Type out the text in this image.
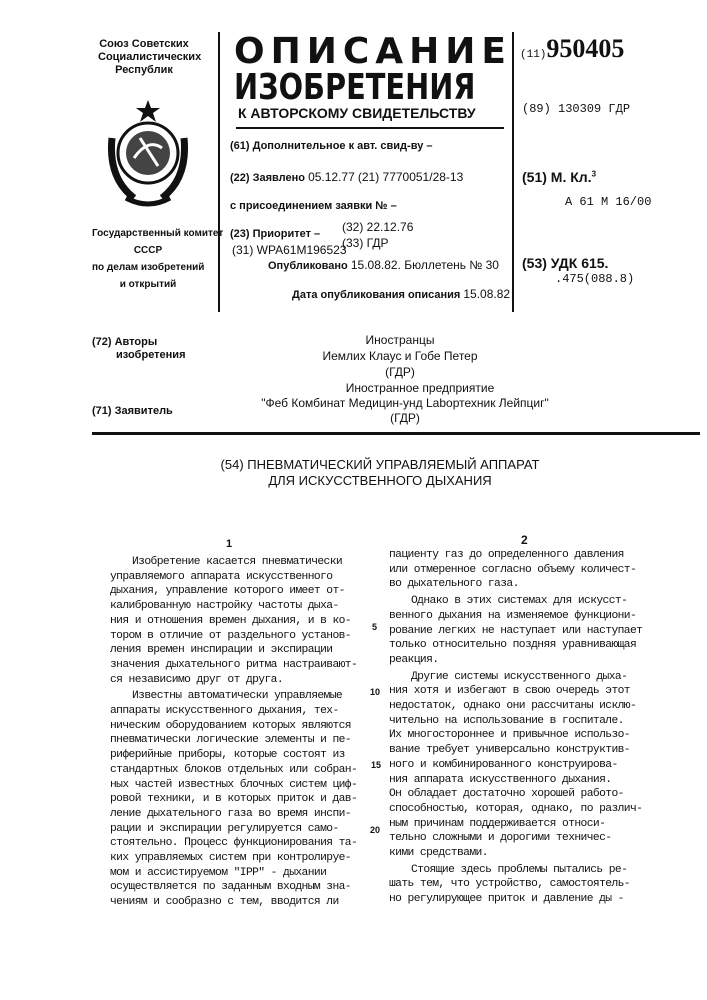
Союз Советских
Социалистических
Республик
Государственный комитет
СССР
по делам изобретений
и открытий
ОПИСАНИЕ
ИЗОБРЕТЕНИЯ
К АВТОРСКОМУ СВИДЕТЕЛЬСТВУ
(61) Дополнительное к авт. свид-ву –
(22) Заявлено 05.12.77 (21) 7770051/28-13
с присоединением заявки № –
(32) 22.12.76
(23) Приоритет –
(31) WPA61M196523
(33) ГДР
Опубликовано 15.08.82. Бюллетень № 30
Дата опубликования описания 15.08.82
(11)950405
(89) 130309 ГДР
(51) М. Кл.3
А 61 М 16/00
(53) УДК 615.
.475(088.8)
(72) Авторы
изобретения
Иностранцы
Иемлих Клаус и Гобе Петер
(ГДР)
(71) Заявитель
Иностранное предприятие
"Феб Комбинат Медицин-унд Labортехник Лейпциг"
(ГДР)
(54) ПНЕВМАТИЧЕСКИЙ УПРАВЛЯЕМЫЙ АППАРАТ
ДЛЯ ИСКУССТВЕННОГО ДЫХАНИЯ
1	2
Изобретение касается пневматически
управляемого аппарата искусственного
дыхания, управление которого имеет от-
калиброванную настройку частоты дыха-
ния и отношения времен дыхания, и в ко-
тором в отличие от раздельного установ-
ления времен инспирации и экспирации
значения дыхательного ритма настраивают-
ся независимо друг от друга.
Известны автоматически управляемые
аппараты искусственного дыхания, тех-
ническим оборудованием которых являются
пневматически логические элементы и пе-
риферийные приборы, которые состоят из
стандартных блоков отдельных или собран-
ных частей известных блочных систем циф-
ровой техники, и в которых приток и дав-
ление дыхательного газа во время инспи-
рации и экспирации регулируется само-
стоятельно. Процесс функционирования та-
ких управляемых систем при контролируе-
мом и ассистируемом "IPP" - дыхании
осуществляется по заданным входным зна-
чениям и сообразно с тем, вводится ли
пациенту газ до определенного давления
или отмеренное согласно объему количест-
во дыхательного газа.
Однако в этих системах для искусст-
венного дыхания на изменяемое функциони-
рование легких не наступает или наступает
только относительно поздняя уравнивающая
реакция.
Другие системы искусственного дыха-
ния хотя и избегают в свою очередь этот
недостаток, однако они рассчитаны исклю-
чительно на использование в госпитале.
Их многостороннее и привычное использо-
вание требует универсально конструктив-
ного и комбинированного конструирова-
ния аппарата искусственного дыхания.
Он обладает достаточно хорошей работо-
способностью, которая, однако, по различ-
ным причинам поддерживается относи-
тельно сложными и дорогими техничес-
кими средствами.
Стоящие здесь проблемы пытались ре-
шать тем, что устройство, самостоятель-
но регулирующее приток и давление ды -
5
10
15
20
